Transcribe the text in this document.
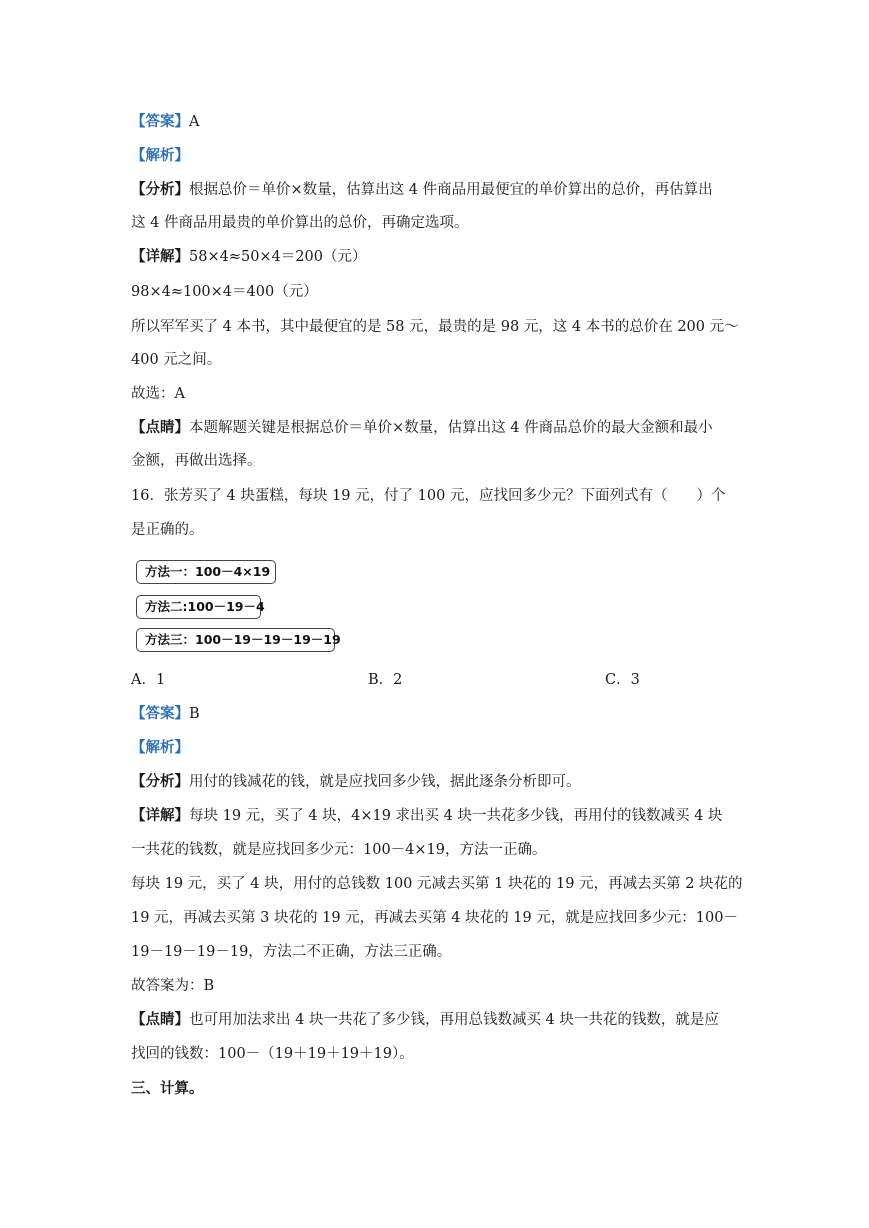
【答案】A
【解析】
【分析】根据总价＝单价×数量，估算出这 4 件商品用最便宜的单价算出的总价，再估算出
这 4 件商品用最贵的单价算出的总价，再确定选项。
【详解】58×4≈50×4＝200（元）
98×4≈100×4＝400（元）
所以军军买了 4 本书，其中最便宜的是 58 元，最贵的是 98 元，这 4 本书的总价在 200 元～
400 元之间。
故选：A
【点睛】本题解题关键是根据总价＝单价×数量，估算出这 4 件商品总价的最大金额和最小
金额，再做出选择。
16．张芳买了 4 块蛋糕，每块 19 元，付了 100 元，应找回多少元？下面列式有（　　）个
是正确的。
方法一：100－4×19
方法二:100－19－4
方法三：100－19－19－19－19
A．1	B．2	C．3
【答案】B
【解析】
【分析】用付的钱减花的钱，就是应找回多少钱，据此逐条分析即可。
【详解】每块 19 元，买了 4 块，4×19 求出买 4 块一共花多少钱，再用付的钱数减买 4 块
一共花的钱数，就是应找回多少元：100－4×19，方法一正确。
每块 19 元，买了 4 块，用付的总钱数 100 元减去买第 1 块花的 19 元，再减去买第 2 块花的
19 元，再减去买第 3 块花的 19 元，再减去买第 4 块花的 19 元，就是应找回多少元：100－
19－19－19－19，方法二不正确，方法三正确。
故答案为：B
【点睛】也可用加法求出 4 块一共花了多少钱，再用总钱数减买 4 块一共花的钱数，就是应
找回的钱数：100－（19＋19＋19＋19）。
三、计算。
